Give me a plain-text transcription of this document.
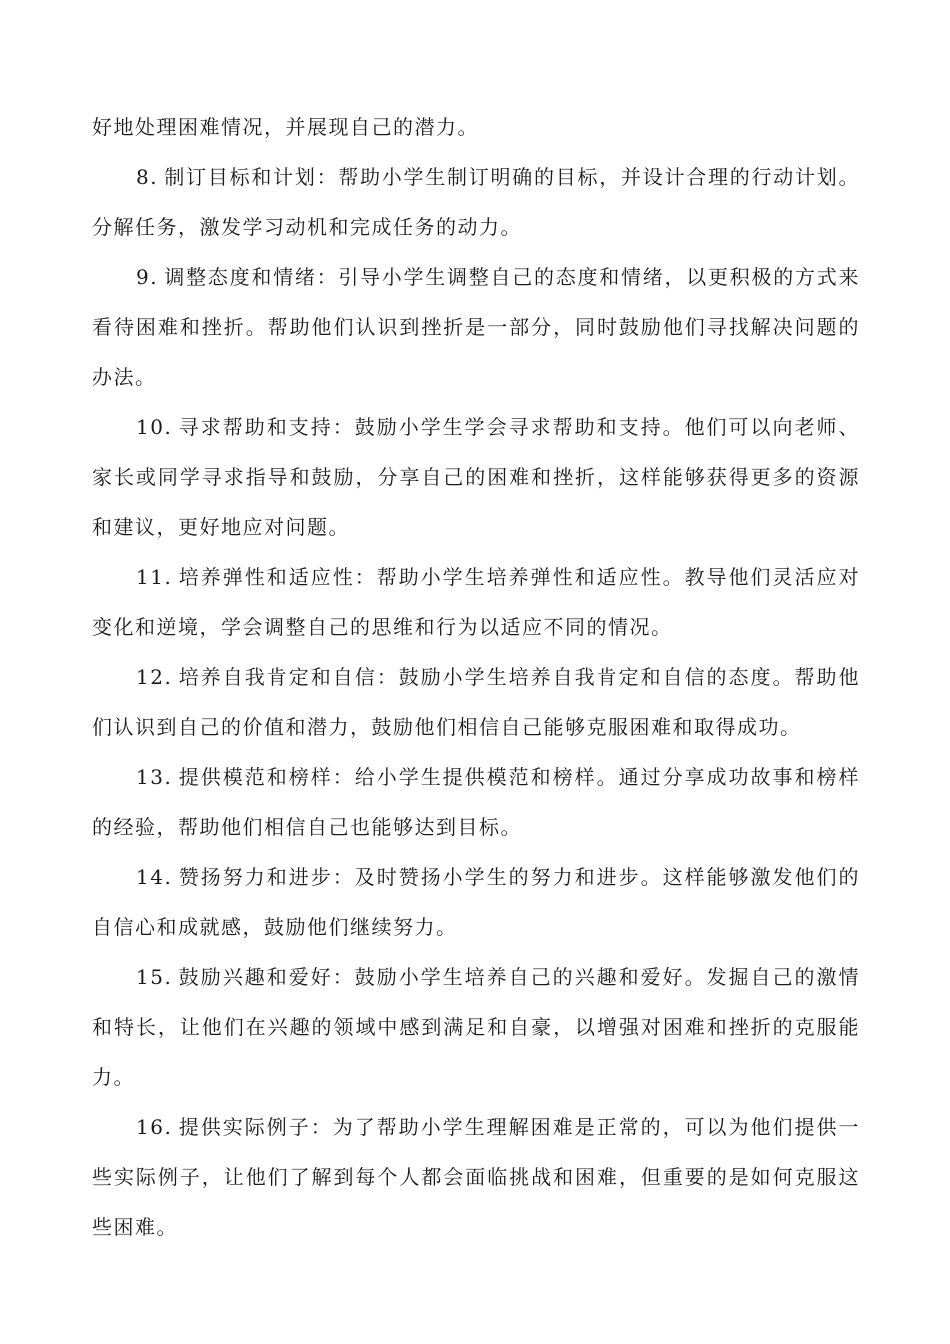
好地处理困难情况，并展现自己的潜力。

8. 制订目标和计划：帮助小学生制订明确的目标，并设计合理的行动计划。分解任务，激发学习动机和完成任务的动力。

9. 调整态度和情绪：引导小学生调整自己的态度和情绪，以更积极的方式来看待困难和挫折。帮助他们认识到挫折是一部分，同时鼓励他们寻找解决问题的办法。

10. 寻求帮助和支持：鼓励小学生学会寻求帮助和支持。他们可以向老师、家长或同学寻求指导和鼓励，分享自己的困难和挫折，这样能够获得更多的资源和建议，更好地应对问题。

11. 培养弹性和适应性：帮助小学生培养弹性和适应性。教导他们灵活应对变化和逆境，学会调整自己的思维和行为以适应不同的情况。

12. 培养自我肯定和自信：鼓励小学生培养自我肯定和自信的态度。帮助他们认识到自己的价值和潜力，鼓励他们相信自己能够克服困难和取得成功。

13. 提供模范和榜样：给小学生提供模范和榜样。通过分享成功故事和榜样的经验，帮助他们相信自己也能够达到目标。

14. 赞扬努力和进步：及时赞扬小学生的努力和进步。这样能够激发他们的自信心和成就感，鼓励他们继续努力。

15. 鼓励兴趣和爱好：鼓励小学生培养自己的兴趣和爱好。发掘自己的激情和特长，让他们在兴趣的领域中感到满足和自豪，以增强对困难和挫折的克服能力。

16. 提供实际例子：为了帮助小学生理解困难是正常的，可以为他们提供一些实际例子，让他们了解到每个人都会面临挑战和困难，但重要的是如何克服这些困难。
